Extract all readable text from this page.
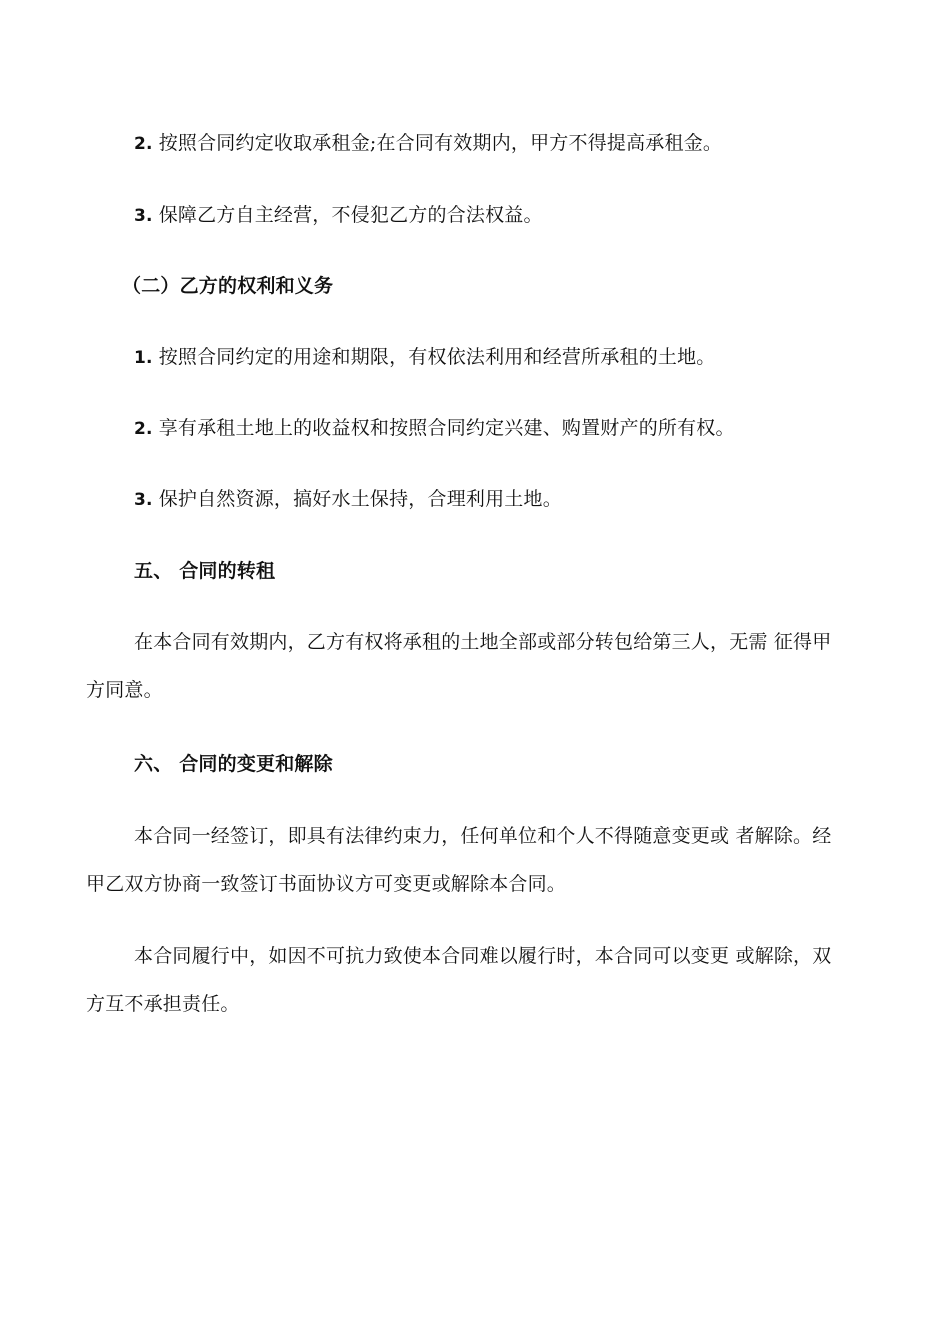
2. 按照合同约定收取承租金;在合同有效期内，甲方不得提高承租金。
3. 保障乙方自主经营，不侵犯乙方的合法权益。
（二）乙方的权利和义务
1. 按照合同约定的用途和期限，有权依法利用和经营所承租的土地。
2. 享有承租土地上的收益权和按照合同约定兴建、购置财产的所有权。
3. 保护自然资源，搞好水土保持，合理利用土地。
五、 合同的转租
在本合同有效期内，乙方有权将承租的土地全部或部分转包给第三人，无需 征得甲
方同意。
六、 合同的变更和解除
本合同一经签订，即具有法律约束力，任何单位和个人不得随意变更或 者解除。经
甲乙双方协商一致签订书面协议方可变更或解除本合同。
本合同履行中，如因不可抗力致使本合同难以履行时，本合同可以变更 或解除，双
方互不承担责任。
